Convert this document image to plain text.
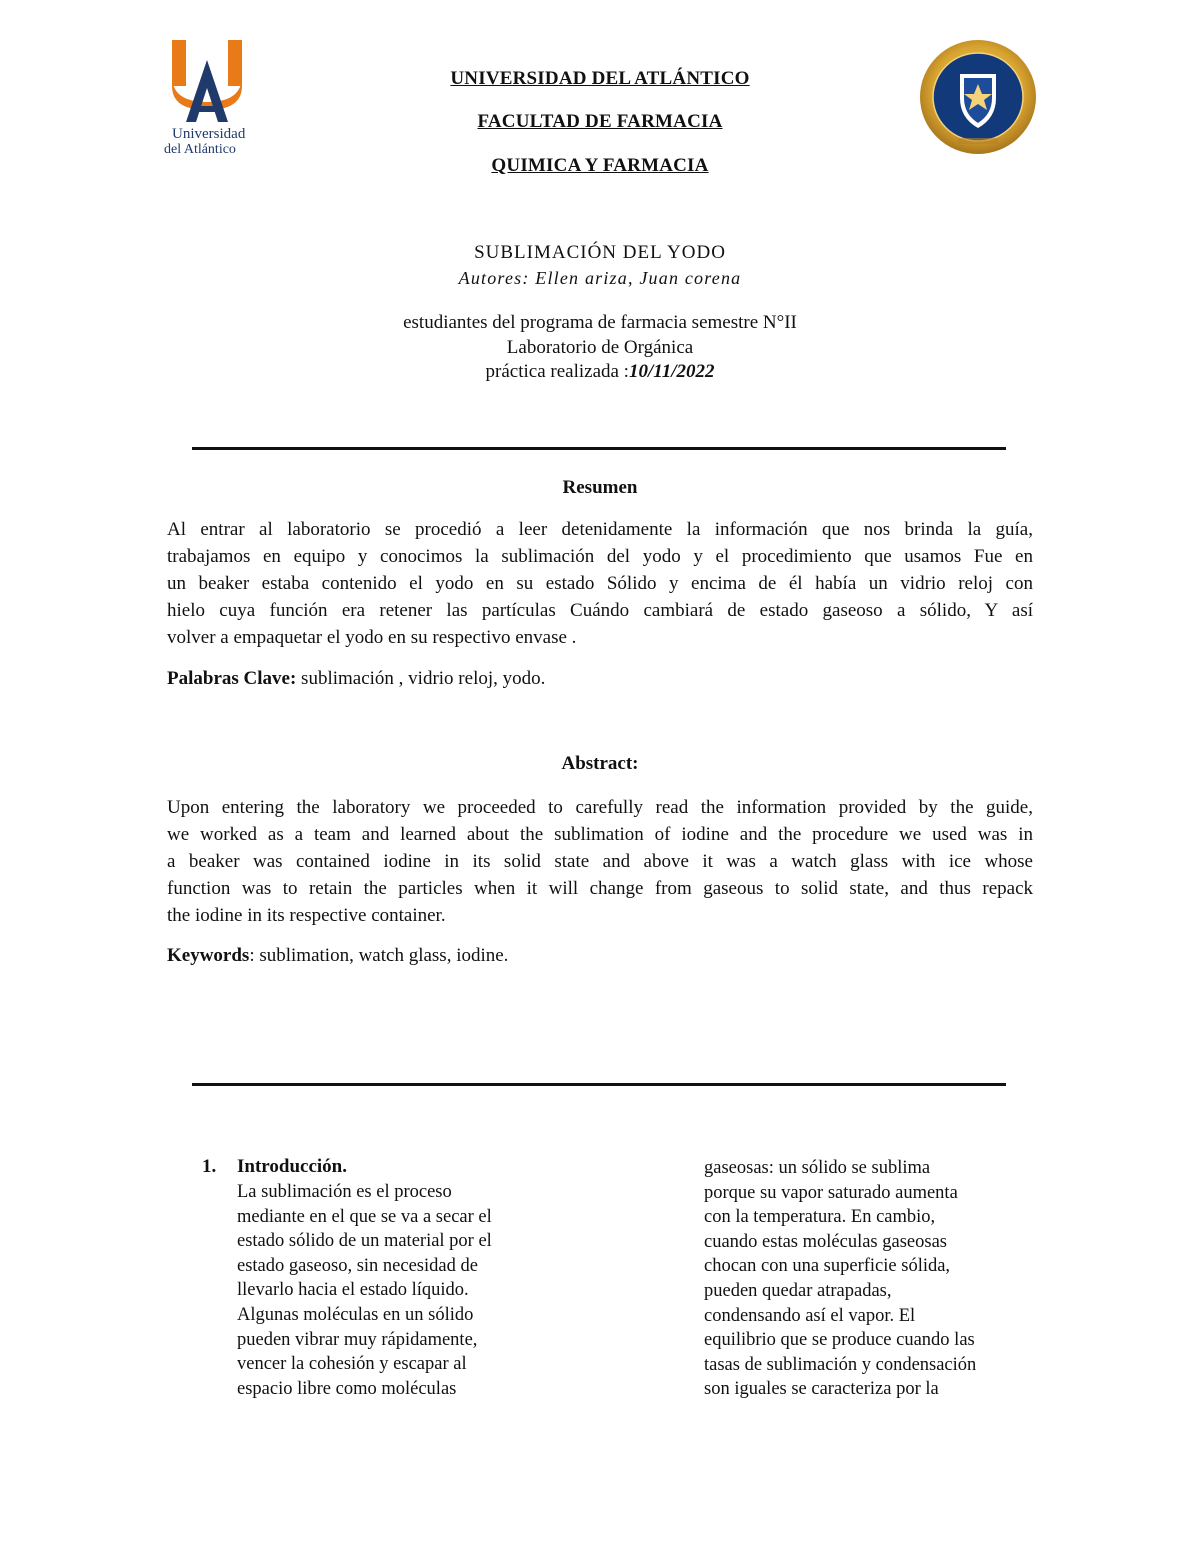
Universidad
del Atlántico
UNIVERSIDAD DEL ATLÁNTICO
FACULTAD DE FARMACIA
QUIMICA Y FARMACIA
SUBLIMACIÓN DEL YODO
Autores: Ellen ariza, Juan corena
estudiantes del programa de farmacia semestre N°II
Laboratorio de Orgánica
práctica realizada :10/11/2022
Resumen
Al entrar al laboratorio se procedió a leer detenidamente la información que nos brinda la guía,
trabajamos en equipo y conocimos la sublimación del yodo y el procedimiento que usamos Fue en
un beaker estaba contenido el yodo en su estado Sólido y encima de él había un vidrio reloj con
hielo cuya función era retener las partículas Cuándo cambiará de estado gaseoso a sólido, Y así
volver a empaquetar el yodo en su respectivo envase .
Palabras Clave: sublimación , vidrio reloj, yodo.
Abstract:
Upon entering the laboratory we proceeded to carefully read the information provided by the guide,
we worked as a team and learned about the sublimation of iodine and the procedure we used was in
a beaker was contained iodine in its solid state and above it was a watch glass with ice whose
function was to retain the particles when it will change from gaseous to solid state, and thus repack
the iodine in its respective container.
Keywords: sublimation, watch glass, iodine.
1. Introducción.
La sublimación es el proceso
mediante en el que se va a secar el
estado sólido de un material por el
estado gaseoso, sin necesidad de
llevarlo hacia el estado líquido.
Algunas moléculas en un sólido
pueden vibrar muy rápidamente,
vencer la cohesión y escapar al
espacio libre como moléculas
gaseosas: un sólido se sublima
porque su vapor saturado aumenta
con la temperatura. En cambio,
cuando estas moléculas gaseosas
chocan con una superficie sólida,
pueden quedar atrapadas,
condensando así el vapor. El
equilibrio que se produce cuando las
tasas de sublimación y condensación
son iguales se caracteriza por la
